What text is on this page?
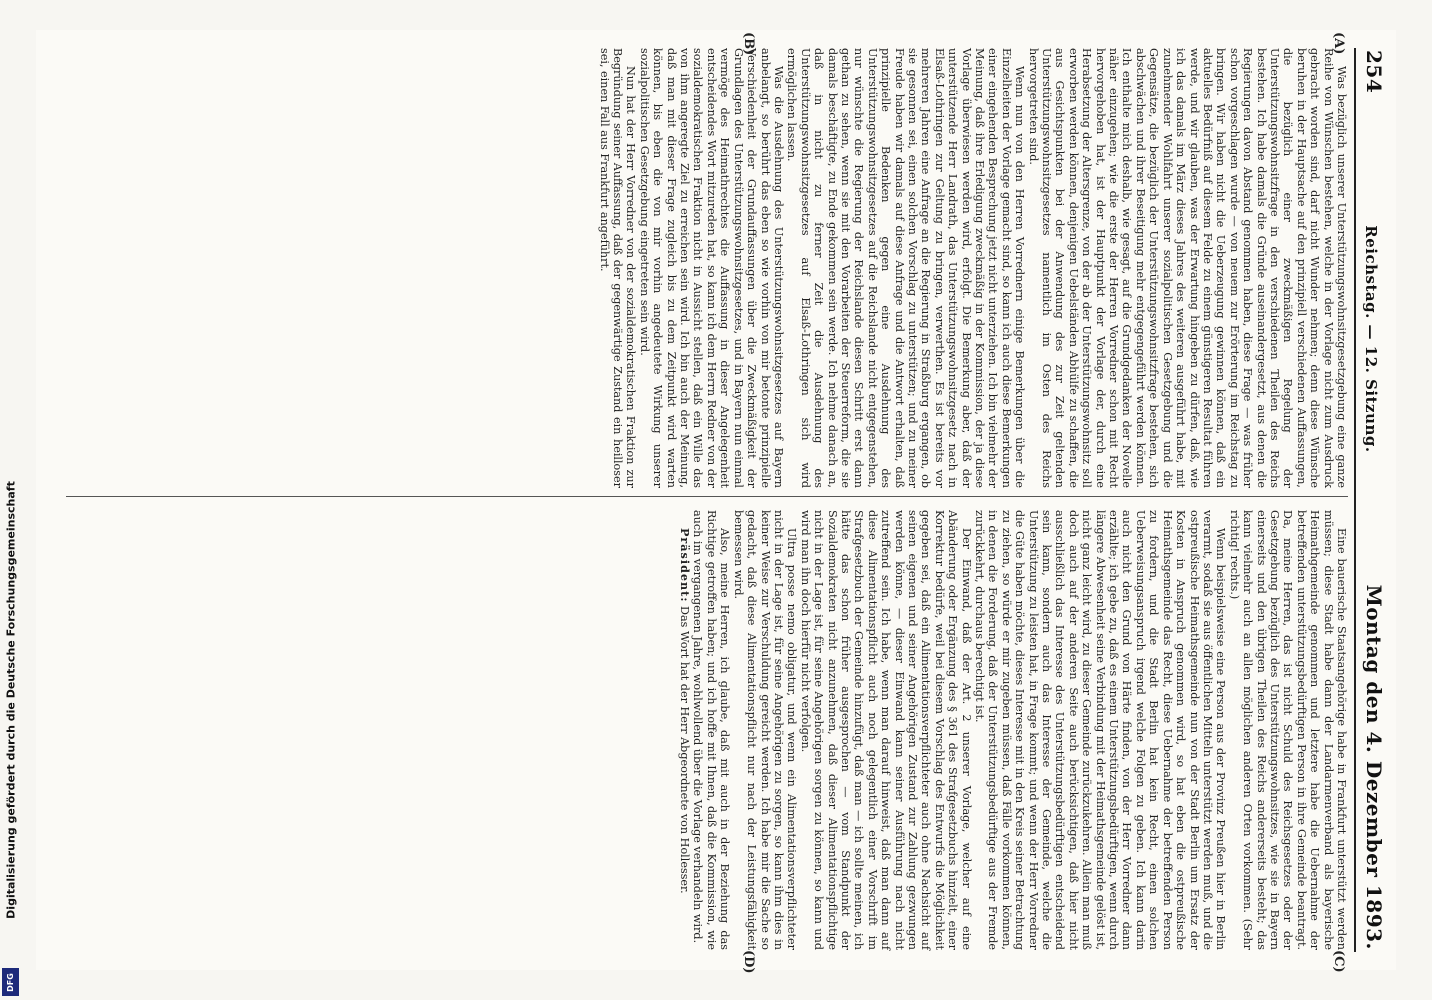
254
Reichstag. — 12. Sitzung.
Montag den 4. Dezember 1893.
(A)
(B)
(C)
(D)

Was bezüglich unserer Unterstützungswohnsitzgesetzgebung eine ganze Reihe von Wünschen bestehen, welche in der Vorlage nicht zum Ausdruck gebracht worden sind, darf nicht Wunder nehmen; denn diese Wünsche beruhen in der Hauptsache auf den prinzipiell verschiedenen Auffassungen, die bezüglich einer zweckmäßigen Regelung der Unterstützungswohnsitzfrage in den verschiedenen Theilen des Reichs bestehen. Ich habe damals die Gründe auseinandergesetzt, aus denen die Regierungen davon Abstand genommen haben, diese Frage — was früher schon vorgeschlagen wurde — von neuem zur Erörterung im Reichstag zu bringen. Wir haben nicht die Ueberzeugung gewinnen können, daß ein aktuelles Bedürfniß auf diesem Felde zu einem günstigeren Resultat führen werde, und wir glauben, was der Erwartung hingeben zu dürfen, daß, wie ich das damals im März dieses Jahres des weiteren ausgeführt habe, mit zunehmender Wohlfahrt unserer sozialpolitischen Gesetzgebung und die Gegensätze, die bezüglich der Unterstützungswohnsitzfrage bestehen, sich abschwächen und ihrer Beseitigung mehr entgegengeführt werden können. Ich enthalte mich deshalb, wie gesagt, auf die Grundgedanken der Novelle näher einzugehen; wie die erste der Herren Vorredner schon mit Recht hervorgehoben hat, ist der Hauptpunkt der Vorlage der, durch eine Herabsetzung der Altersgrenze, von der ab der Unterstützungswohnsitz soll erworben werden können, denjenigen Uebelständen Abhülfe zu schaffen, die aus Gesichtspunkten bei der Anwendung des zur Zeit geltenden Unterstützungswohnsitzgesetzes namentlich im Osten des Reichs hervorgetreten sind.

Wenn nun von den Herren Vorrednern einige Bemerkungen über die Einzelheiten der Vorlage gemacht sind, so kann ich auch diese Bemerkungen einer eingehenden Besprechung jetzt nicht unterziehen. Ich bin vielmehr der Meinung, daß ihre Erledigung zweckmäßig in der Kommission, der ja diese Vorlage überwiesen werden wird, erfolgt. Die Bemerkung aber, daß der unterstützende Herr Landrath, das Unterstützungswohnsitzgesetz nach in Elsaß-Lothringen zur Geltung zu bringen, verwerthen. Es ist bereits vor mehreren Jahren eine Anfrage an die Regierung in Straßburg ergangen, ob sie gesonnen sei, einen solchen Vorschlag zu unterstützen; und zu meiner Freude haben wir damals auf diese Anfrage und die Antwort erhalten, daß prinzipielle Bedenken gegen eine Ausdehnung des Unterstützungswohnsitzgesetzes auf die Reichslande nicht entgegenstehen, nur wünschte die Regierung der Reichslande diesen Schritt erst dann gethan zu sehen, wenn sie mit den Vorarbeiten der Steuerreform, die sie damals beschäftigte, zu Ende gekommen sein werde. Ich nehme danach an, daß in nicht zu ferner Zeit die Ausdehnung des Unterstützungswohnsitzgesetzes auf Elsaß-Lothringen sich wird ermöglichen lassen.

Was die Ausdehnung des Unterstützungswohnsitzgesetzes auf Bayern anbelangt, so berührt das eben so wie vorhin von mir betonte prinzipielle Verschiedenheit der Grundauffassungen über die Zweckmäßigkeit der Grundlagen des Unterstützungswohnsitzgesetzes, und in Bayern nun einmal vermöge des Heimathrechtes die Auffassung in dieser Angelegenheit entscheidendes Wort mitzureden hat, so kann ich dem Herrn Redner von der sozialdemokratischen Fraktion nicht in Aussicht stellen, daß ein Wille das von ihm angeregte Ziel zu erreichen sein wird. Ich bin auch der Meinung, daß man mit dieser Frage zugleich bis zu dem Zeitpunkt wird warten können, bis eben die von mir vorhin angedeutete Wirkung unserer sozialpolitischen Gesetzgebung eingetreten sein wird.

Nun hat der Herr Vorredner von der sozialdemokratischen Fraktion zur Begründung seiner Auffassung, daß der gegenwärtige Zustand ein heilloser sei, einen Fall aus Frankfurt angeführt.

Eine bauerische Staatsangehörige habe in Frankfurt unterstützt werden müssen; diese Stadt habe dann der Landarmenverband als bayerische Heimathgemeinde genommen und letztere habe die Uebernahme der betreffenden unterstützungsbedürftigen Person in ihre Gemeinde beantragt. Da, meine Herren, das ist nicht Schuld des Reichsgesetzes oder der Gesetzgebung bezüglich des Unterstützungswohnsitzes, wie sie in Bayern einerseits und den übrigen Theilen des Reichs andererseits besteht; das kann vielmehr auch an allen möglichen anderen Orten vorkommen. (Sehr richtig! rechts.)

Wenn beispielsweise eine Person aus der Provinz Preußen hier in Berlin verarmt, sodaß sie aus öffentlichen Mitteln unterstützt werden muß, und die ostpreußische Heimathsgemeinde nun von der Stadt Berlin um Ersatz der Kosten in Anspruch genommen wird, so hat eben die ostpreußische Heimathsgemeinde das Recht, diese Uebernahme der betreffenden Person zu fordern, und die Stadt Berlin hat kein Recht, einen solchen Ueberweisungsanspruch irgend welche Folgen zu geben. Ich kann darin auch nicht den Grund von Härte finden, von der Herr Vorredner dann erzählte; ich gebe zu, daß es einem Unterstützungsbedürftigen, wenn durch längere Abwesenheit seine Verbindung mit der Heimathsgemeinde gelöst ist, nicht ganz leicht wird, zu dieser Gemeinde zurückzukehren. Allein man muß doch auch auf der anderen Seite auch berücksichtigen, daß hier nicht ausschließlich das Interesse des Unterstützungsbedürftigen entscheidend sein kann, sondern auch das Interesse der Gemeinde, welche die Unterstützung zu leisten hat, in Frage kommt; und wenn der Herr Vorredner die Güte haben möchte, dieses Interesse mit in den Kreis seiner Betrachtung zu ziehen, so würde er mir zugeben müssen, daß Fälle vorkommen können, in denen die Forderung, daß der Unterstützungsbedürftige aus der Fremde zurückkehrt, durchaus berechtigt ist.

Der Einwand, daß der Art. 2 unserer Vorlage, welcher auf eine Abänderung oder Ergänzung des § 361 des Strafgesetzbuchs hinzielt, einer Korrektur bedürfe, weil bei diesem Vorschlag des Entwurfs die Möglichkeit gegeben sei, daß ein Alimentationsverpflichteter auch ohne Nachsicht auf seinen eigenen und seiner Angehörigen Zustand zur Zahlung gezwungen werden könne, — dieser Einwand kann seiner Ausführung nach nicht zutreffend sein. Ich habe, wenn man darauf hinweist, daß man dann auf diese Alimentationspflicht auch noch gelegentlich einer Vorschrift im Strafgesetzbuch der Gemeinde hinzufügt, daß man — ich sollte meinen, ich hätte das schon früher ausgesprochen — vom Standpunkt der Sozialdemokraten nicht anzunehmen, daß dieser Alimentationspflichtige nicht in der Lage ist, für seine Angehörigen sorgen zu können, so kann und wird man ihn doch hierfür nicht verfolgen.

Ultra posse nemo obligatur, und wenn ein Alimentationsverpflichteter nicht in der Lage ist, für seine Angehörigen zu sorgen, so kann ihm dies in keiner Weise zur Verschuldung gereicht werden. Ich habe mir die Sache so gedacht, daß diese Alimentationspflicht nur nach der Leistungsfähigkeit bemessen wird.

Also, meine Herren, ich glaube, daß mit auch in der Beziehung das Richtige getroffen haben; und ich hoffe mit Ihnen, daß die Kommission, wie auch im vergangenen Jahre, wohlwollend über die Vorlage verhandeln wird.

Präsident: Das Wort hat der Herr Abgeordnete von Hollesser.

Digitalisierung gefördert durch die Deutsche Forschungsgemeinschaft
DFG
